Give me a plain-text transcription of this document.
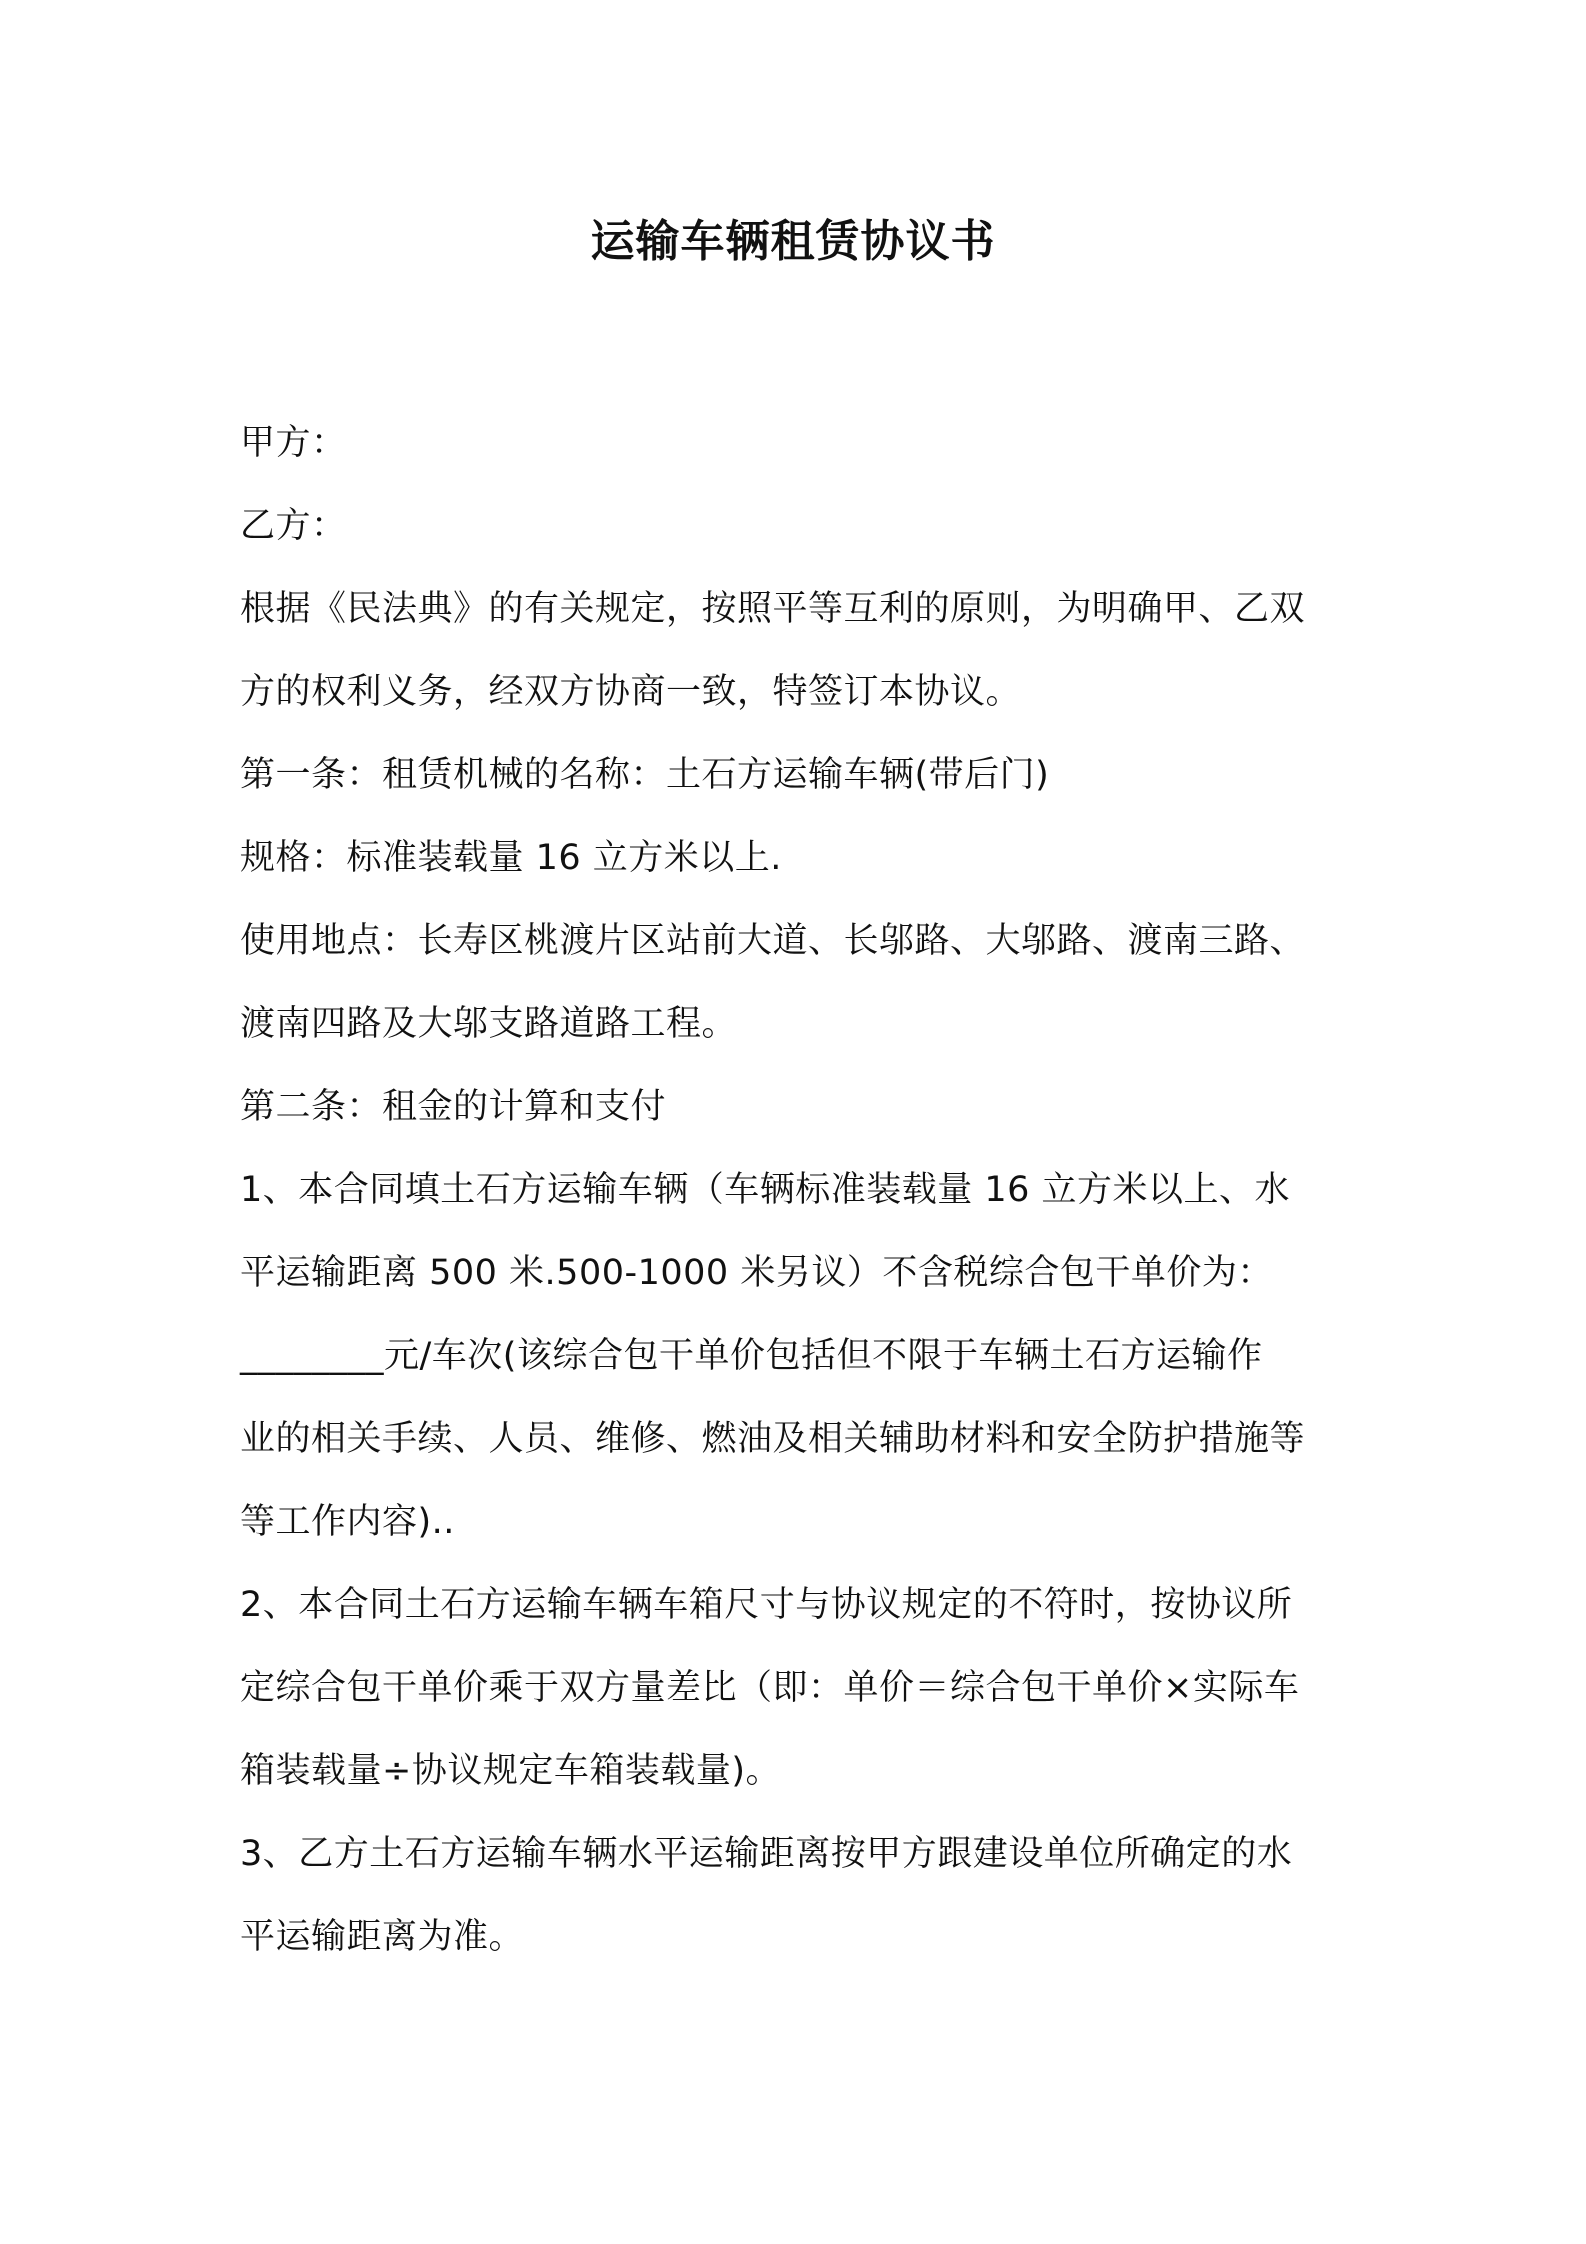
运输车辆租赁协议书

甲方：

乙方：

根据《民法典》的有关规定，按照平等互利的原则，为明确甲、乙双
方的权利义务，经双方协商一致，特签订本协议。

第一条：租赁机械的名称：土石方运输车辆(带后门)

规格：标准装载量 16 立方米以上.

使用地点：长寿区桃渡片区站前大道、长邬路、大邬路、渡南三路、
渡南四路及大邬支路道路工程。

第二条：租金的计算和支付

1、本合同填土石方运输车辆（车辆标准装载量 16 立方米以上、水
平运输距离 500 米.500-1000 米另议）不含税综合包干单价为：
________元/车次(该综合包干单价包括但不限于车辆土石方运输作
业的相关手续、人员、维修、燃油及相关辅助材料和安全防护措施等
等工作内容)..

2、本合同土石方运输车辆车箱尺寸与协议规定的不符时，按协议所
定综合包干单价乘于双方量差比（即：单价＝综合包干单价×实际车
箱装载量÷协议规定车箱装载量)。

3、乙方土石方运输车辆水平运输距离按甲方跟建设单位所确定的水
平运输距离为准。
